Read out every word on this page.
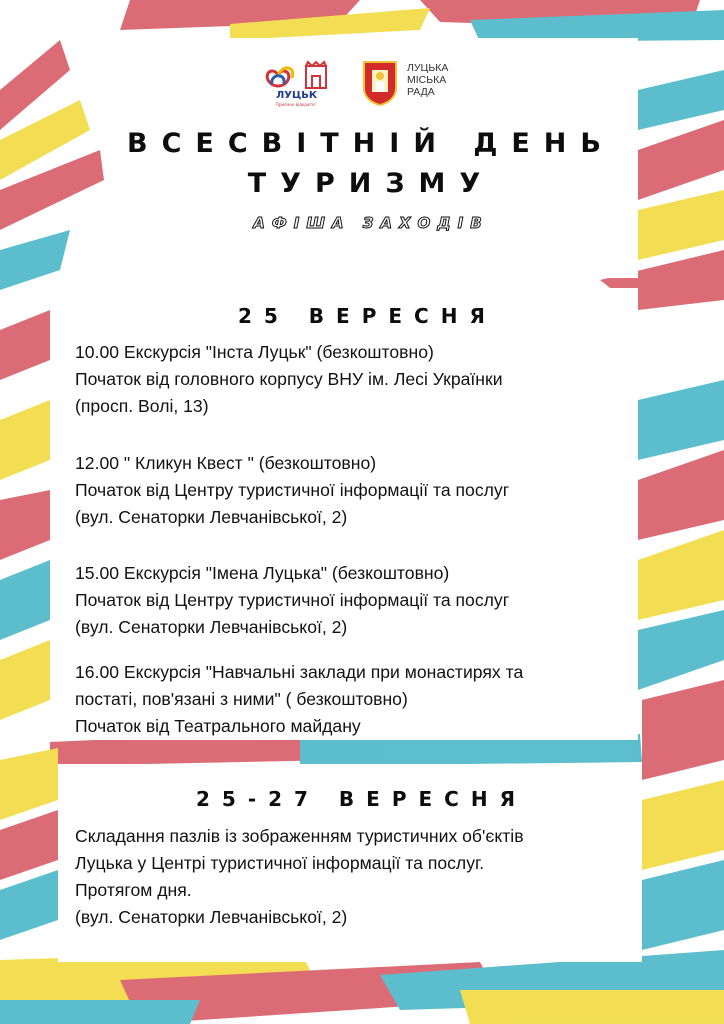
ЛУЦЬК
Приємно відкрито!
ЛУЦЬКА
МІСЬКА
РАДА
ВСЕСВІТНІЙ ДЕНЬ
ТУРИЗМУ
АФІША ЗАХОДІВ
25 ВЕРЕСНЯ
10.00 Екскурсія "Інста Луцьк" (безкоштовно)
Початок від головного корпусу ВНУ ім. Лесі Українки
(просп. Волі, 13)
12.00 " Кликун Квест " (безкоштовно)
Початок від Центру туристичної інформації та послуг
(вул. Сенаторки Левчанівської, 2)
15.00 Екскурсія "Імена Луцька" (безкоштовно)
Початок від Центру туристичної інформації та послуг
(вул. Сенаторки Левчанівської, 2)
16.00 Екскурсія "Навчальні заклади при монастирях та
постаті, пов'язані з ними" ( безкоштовно)
Початок від Театрального майдану
25-27 ВЕРЕСНЯ
Складання пазлів із зображенням туристичних об'єктів
Луцька у Центрі туристичної інформації та послуг.
Протягом дня.
(вул. Сенаторки Левчанівської, 2)
